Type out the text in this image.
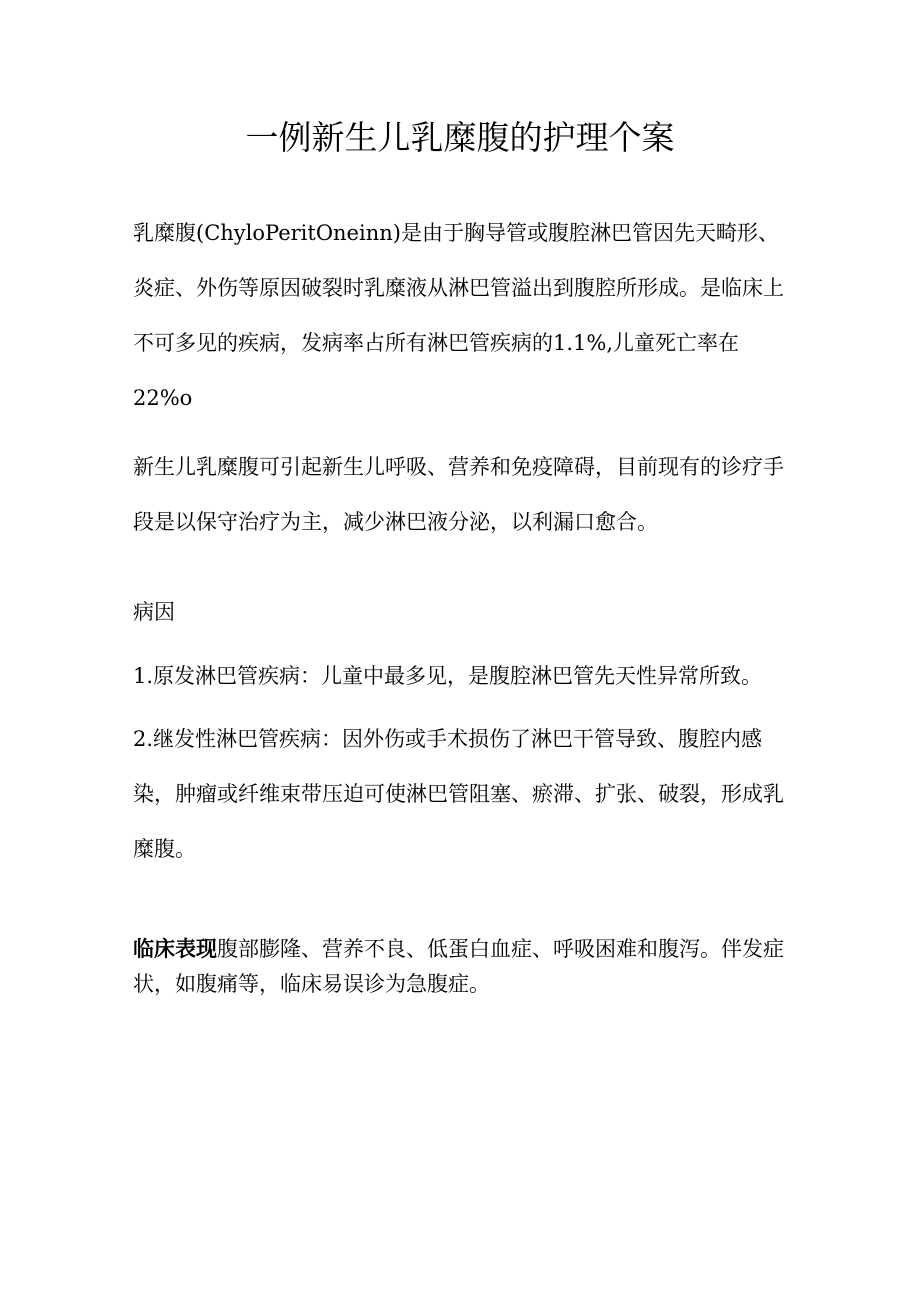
一例新生儿乳糜腹的护理个案

乳糜腹(ChyloPeritOneinn)是由于胸导管或腹腔淋巴管因先天畸形、炎症、外伤等原因破裂时乳糜液从淋巴管溢出到腹腔所形成。是临床上不可多见的疾病，发病率占所有淋巴管疾病的1.1%,儿童死亡率在22%o

新生儿乳糜腹可引起新生儿呼吸、营养和免疫障碍，目前现有的诊疗手段是以保守治疗为主，减少淋巴液分泌，以利漏口愈合。

病因

1.原发淋巴管疾病：儿童中最多见，是腹腔淋巴管先天性异常所致。

2.继发性淋巴管疾病：因外伤或手术损伤了淋巴干管导致、腹腔内感染，肿瘤或纤维束带压迫可使淋巴管阻塞、瘀滞、扩张、破裂，形成乳糜腹。

临床表现腹部膨隆、营养不良、低蛋白血症、呼吸困难和腹泻。伴发症状，如腹痛等，临床易误诊为急腹症。
